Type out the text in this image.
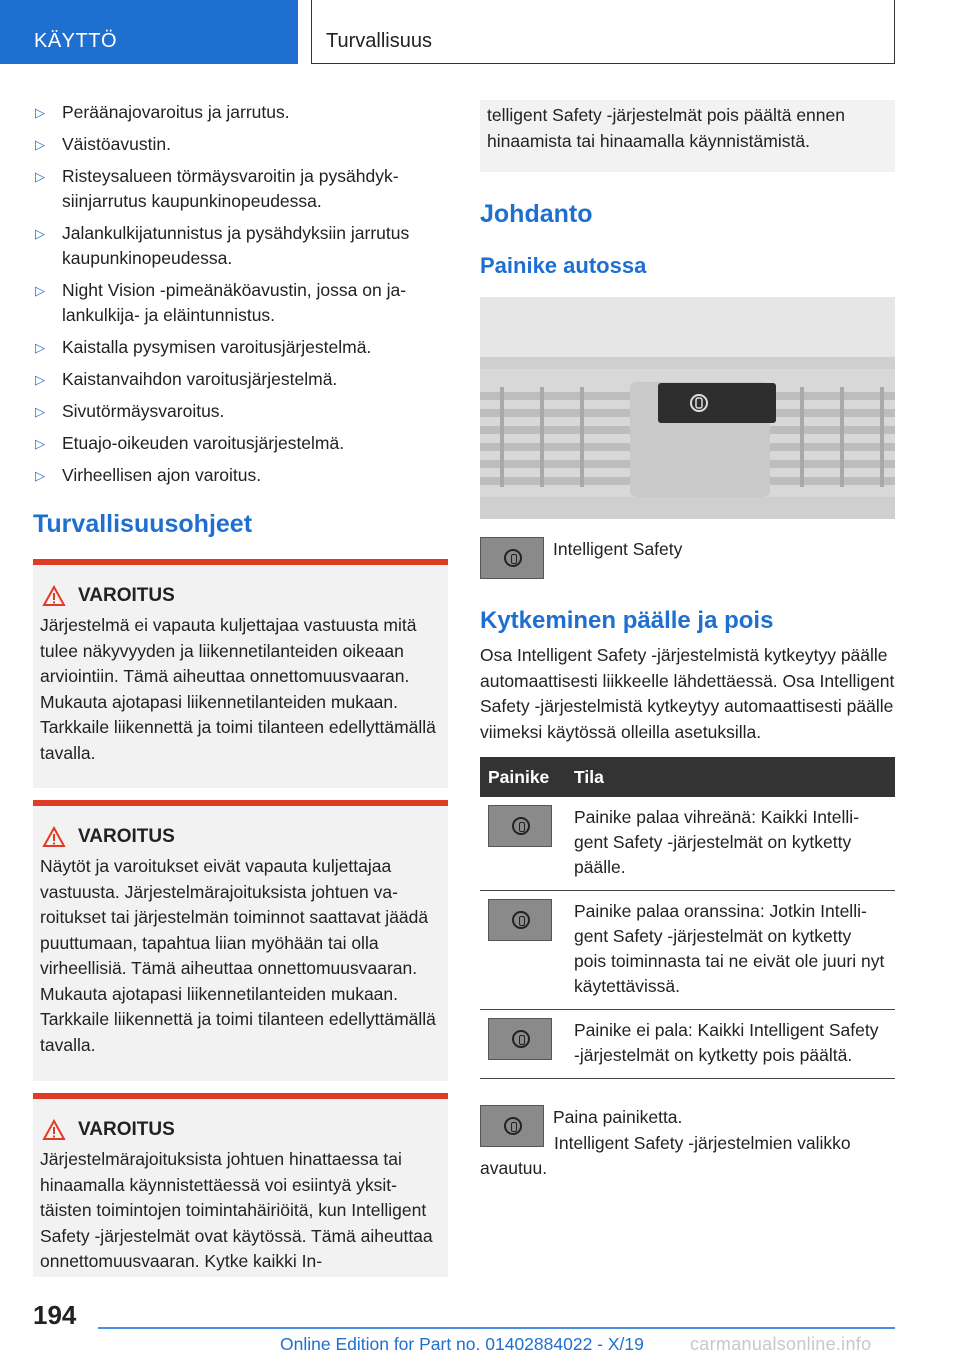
KÄYTTÖ	Turvallisuus
▷ Peräänajovaroitus ja jarrutus.
▷ Väistöavustin.
▷ Risteysalueen törmäysvaroitin ja pysähdyksiinjarrutus kaupunkinopeudessa.
▷ Jalankulkijatunnistus ja pysähdyksiin jarrutus kaupunkinopeudessa.
▷ Night Vision -pimeänäköavustin, jossa on jalankulkija- ja eläintunnistus.
▷ Kaistalla pysymisen varoitusjärjestelmä.
▷ Kaistanvaihdon varoitusjärjestelmä.
▷ Sivutörmäysvaroitus.
▷ Etuajo-oikeuden varoitusjärjestelmä.
▷ Virheellisen ajon varoitus.
Turvallisuusohjeet
VAROITUS
Järjestelmä ei vapauta kuljettajaa vastuusta mitä tulee näkyvyyden ja liikennetilanteiden oikeaan arviointiin. Tämä aiheuttaa onnettomuusvaaran. Mukauta ajotapasi liikennetilanteiden mukaan. Tarkkaile liikennettä ja toimi tilanteen edellyttämällä tavalla.
VAROITUS
Näytöt ja varoitukset eivät vapauta kuljettajaa vastuusta. Järjestelmärajoituksista johtuen varoitukset tai järjestelmän toiminnot saattavat jäädä puuttumaan, tapahtua liian myöhään tai olla virheellisiä. Tämä aiheuttaa onnettomuusvaaran. Mukauta ajotapasi liikennetilanteiden mukaan. Tarkkaile liikennettä ja toimi tilanteen edellyttämällä tavalla.
VAROITUS
Järjestelmärajoituksista johtuen hinattaessa tai hinaamalla käynnistettäessä voi esiintyä yksittäisten toimintojen toimintahäiriöitä, kun Intelligent Safety -järjestelmät ovat käytössä. Tämä aiheuttaa onnettomuusvaaran. Kytke kaikki In-
telligent Safety -järjestelmät pois päältä ennen hinaamista tai hinaamalla käynnistämistä.
Johdanto
Painike autossa
Intelligent Safety
Kytkeminen päälle ja pois

Osa Intelligent Safety -järjestelmistä kytkeytyy päälle automaattisesti liikkeelle lähdettäessä. Osa Intelligent Safety -järjestelmistä kytkeytyy automaattisesti päälle viimeksi käytössä olleilla asetuksilla.

Painike	Tila

	Painike palaa vihreänä: Kaikki Intelligent Safety -järjestelmät on kytketty päälle.

	Painike palaa oranssina: Jotkin Intelligent Safety -järjestelmät on kytketty pois toiminnasta tai ne eivät ole juuri nyt käytettävissä.

	Painike ei pala: Kaikki Intelligent Safety -järjestelmät on kytketty pois päältä.
Paina painiketta.
Intelligent Safety -järjestelmien valikko avautuu.
194
Online Edition for Part no. 01402884022 - X/19	carmanualsonline.info
